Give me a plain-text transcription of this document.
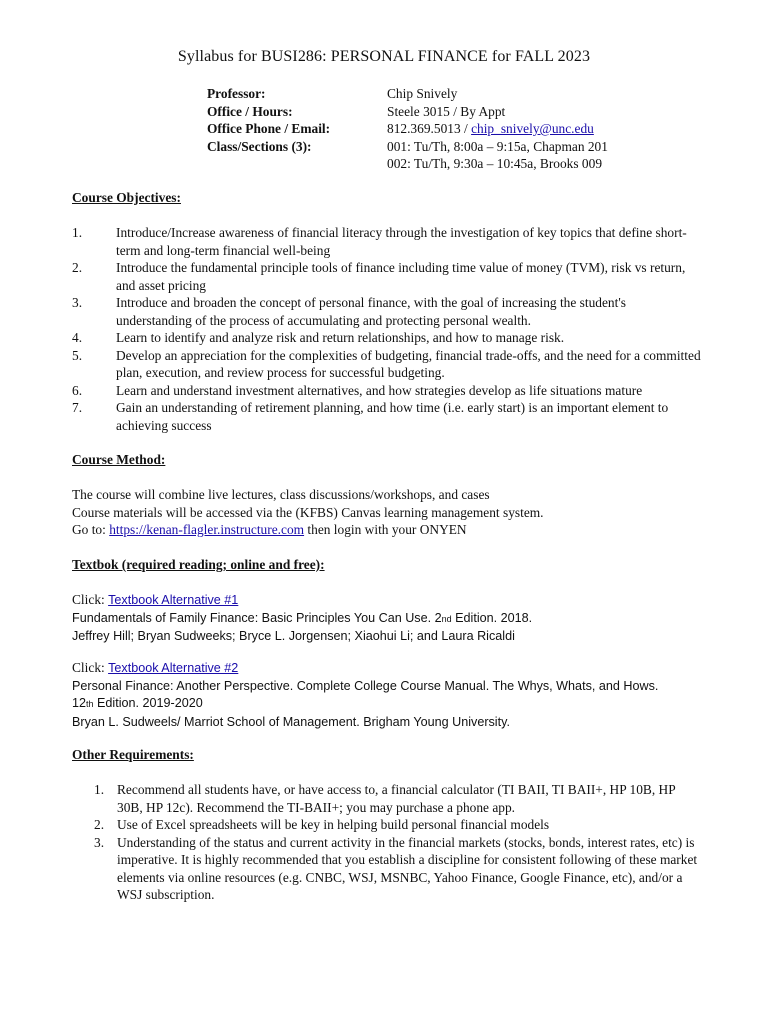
Syllabus for BUSI286: PERSONAL FINANCE for FALL 2023
Professor:	Chip Snively
Office / Hours:	Steele 3015 / By Appt
Office Phone / Email:	812.369.5013 / chip_snively@unc.edu
Class/Sections (3):	001: Tu/Th, 8:00a – 9:15a, Chapman 201
002: Tu/Th, 9:30a – 10:45a, Brooks 009
Course Objectives:
1.	Introduce/Increase awareness of financial literacy through the investigation of key topics that define short-term and long-term financial well-being
2.	Introduce the fundamental principle tools of finance including time value of money (TVM), risk vs return, and asset pricing
3.	Introduce and broaden the concept of personal finance, with the goal of increasing the student's understanding of the process of accumulating and protecting personal wealth.
4.	Learn to identify and analyze risk and return relationships, and how to manage risk.
5.	Develop an appreciation for the complexities of budgeting, financial trade-offs, and the need for a committed plan, execution, and review process for successful budgeting.
6.	Learn and understand investment alternatives, and how strategies develop as life situations mature
7.	Gain an understanding of retirement planning, and how time (i.e. early start) is an important element to achieving success
Course Method:
The course will combine live lectures, class discussions/workshops, and cases
Course materials will be accessed via the (KFBS) Canvas learning management system.
Go to: https://kenan-flagler.instructure.com then login with your ONYEN
Textbok (required reading; online and free):
Click: Textbook Alternative #1
Fundamentals of Family Finance: Basic Principles You Can Use. 2nd Edition. 2018.
Jeffrey Hill; Bryan Sudweeks; Bryce L. Jorgensen; Xiaohui Li; and Laura Ricaldi
Click: Textbook Alternative #2
Personal Finance: Another Perspective. Complete College Course Manual. The Whys, Whats, and Hows.
12th Edition. 2019-2020
Bryan L. Sudweels/ Marriot School of Management. Brigham Young University.
Other Requirements:
1. Recommend all students have, or have access to, a financial calculator (TI BAII, TI BAII+, HP 10B, HP 30B, HP 12c). Recommend the TI-BAII+; you may purchase a phone app.
2. Use of Excel spreadsheets will be key in helping build personal financial models
3. Understanding of the status and current activity in the financial markets (stocks, bonds, interest rates, etc) is imperative. It is highly recommended that you establish a discipline for consistent following of these market elements via online resources (e.g. CNBC, WSJ, MSNBC, Yahoo Finance, Google Finance, etc), and/or a WSJ subscription.
